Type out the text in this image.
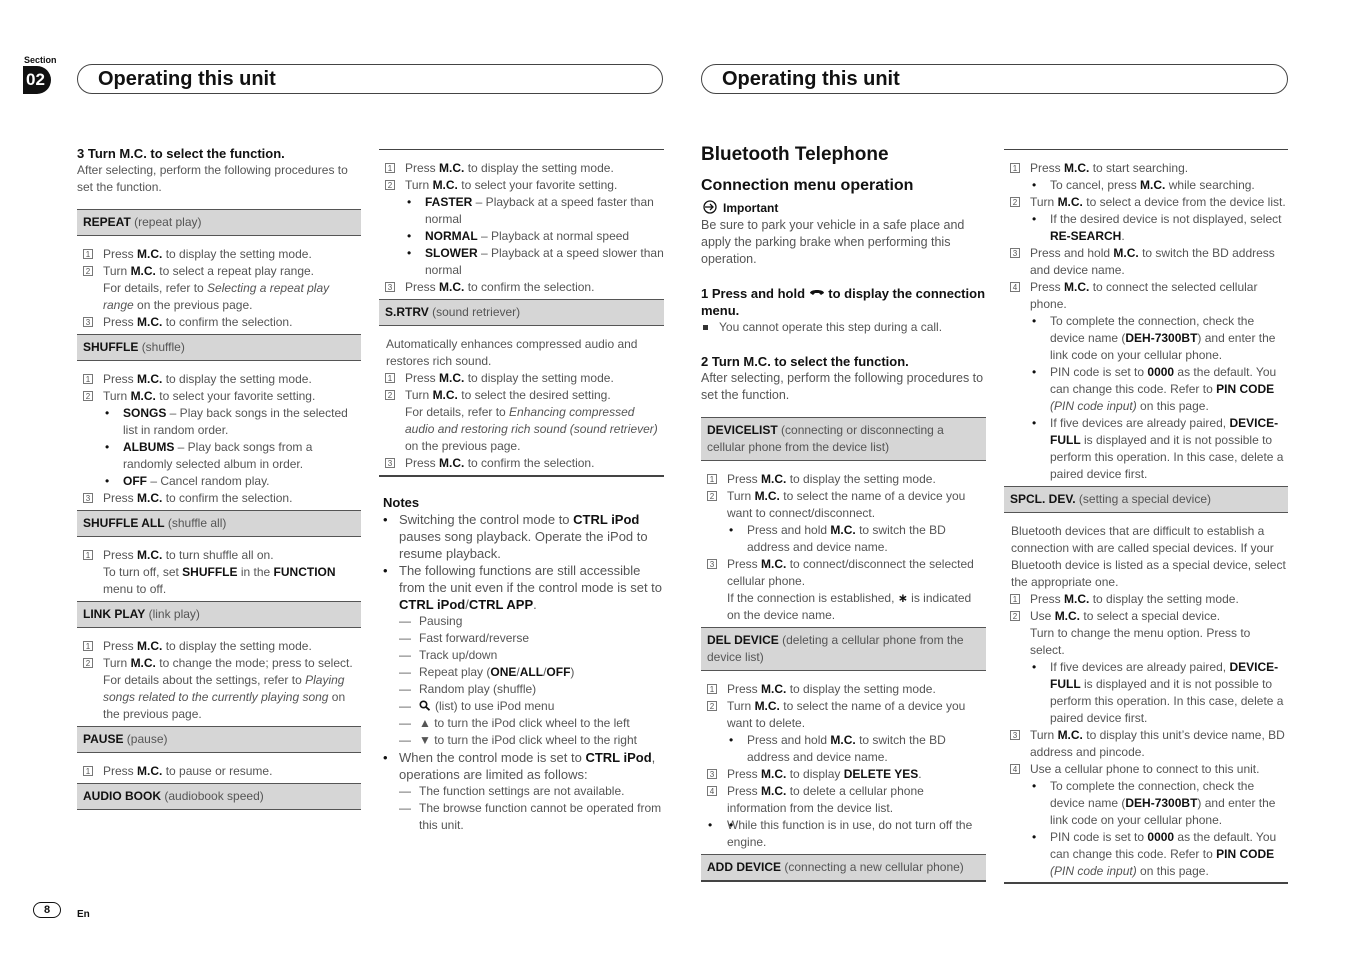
Section
02	Operating this unit	Operating this unit
3 Turn M.C. to select the function.

After selecting, perform the following procedures to set the function.

REPEAT (repeat play)
1 Press M.C. to display the setting mode.
2 Turn M.C. to select a repeat play range.
For details, refer to Selecting a repeat play range on the previous page.
3 Press M.C. to confirm the selection.
SHUFFLE (shuffle)
1 Press M.C. to display the setting mode.
2 Turn M.C. to select your favorite setting.
• SONGS – Play back songs in the selected list in random order.
• ALBUMS – Play back songs from a randomly selected album in order.
• OFF – Cancel random play.
3 Press M.C. to confirm the selection.
SHUFFLE ALL (shuffle all)
1 Press M.C. to turn shuffle all on.
To turn off, set SHUFFLE in the FUNCTION menu to off.
LINK PLAY (link play)
1 Press M.C. to display the setting mode.
2 Turn M.C. to change the mode; press to select.
For details about the settings, refer to Playing songs related to the currently playing song on the previous page.
PAUSE (pause)
1 Press M.C. to pause or resume.
AUDIO BOOK (audiobook speed)
1 Press M.C. to display the setting mode.
2 Turn M.C. to select your favorite setting.
• FASTER – Playback at a speed faster than normal
• NORMAL – Playback at normal speed
• SLOWER – Playback at a speed slower than normal
3 Press M.C. to confirm the selection.
S.RTRV (sound retriever)

Automatically enhances compressed audio and restores rich sound.

1 Press M.C. to display the setting mode.
2 Turn M.C. to select the desired setting.
For details, refer to Enhancing compressed audio and restoring rich sound (sound retriever) on the previous page.
3 Press M.C. to confirm the selection.
Notes
• Switching the control mode to CTRL iPod pauses song playback. Operate the iPod to resume playback.
• The following functions are still accessible from the unit even if the control mode is set to CTRL iPod/CTRL APP.
— Pausing
— Fast forward/reverse
— Track up/down
— Repeat play (ONE/ALL/OFF)
— Random play (shuffle)
— (list) to use iPod menu
— ▲ to turn the iPod click wheel to the left
— ▼ to turn the iPod click wheel to the right
• When the control mode is set to CTRL iPod, operations are limited as follows:
— The function settings are not available.
— The browse function cannot be operated from this unit.
Bluetooth Telephone
Connection menu operation
Important

Be sure to park your vehicle in a safe place and apply the parking brake when performing this operation.

1 Press and hold  to display the connection menu.
You cannot operate this step during a call.
2 Turn M.C. to select the function.

After selecting, perform the following procedures to set the function.

DEVICELIST (connecting or disconnecting a cellular phone from the device list)
1 Press M.C. to display the setting mode.
2 Turn M.C. to select the name of a device you want to connect/disconnect.
• Press and hold M.C. to switch the BD address and device name.
3 Press M.C. to connect/disconnect the selected cellular phone.
If the connection is established, ∗ is indicated on the device name.
DEL DEVICE (deleting a cellular phone from the device list)
1 Press M.C. to display the setting mode.
2 Turn M.C. to select the name of a device you want to delete.
• Press and hold M.C. to switch the BD address and device name.
3 Press M.C. to display DELETE YES.
4 Press M.C. to delete a cellular phone information from the device list.
• • While this function is in use, do not turn off the engine.
ADD DEVICE (connecting a new cellular phone)
1 Press M.C. to start searching.
• To cancel, press M.C. while searching.
2 Turn M.C. to select a device from the device list.
• If the desired device is not displayed, select RE-SEARCH.
3 Press and hold M.C. to switch the BD address and device name.
4 Press M.C. to connect the selected cellular phone.
• To complete the connection, check the device name (DEH-7300BT) and enter the link code on your cellular phone.
• PIN code is set to 0000 as the default. You can change this code. Refer to PIN CODE (PIN code input) on this page.
• If five devices are already paired, DEVICE-FULL is displayed and it is not possible to perform this operation. In this case, delete a paired device first.
SPCL. DEV. (setting a special device)

Bluetooth devices that are difficult to establish a connection with are called special devices. If your Bluetooth device is listed as a special device, select the appropriate one.

1 Press M.C. to display the setting mode.
2 Use M.C. to select a special device.
Turn to change the menu option. Press to select.
• If five devices are already paired, DEVICE-FULL is displayed and it is not possible to perform this operation. In this case, delete a paired device first.
3 Turn M.C. to display this unit’s device name, BD address and pincode.
4 Use a cellular phone to connect to this unit.
• To complete the connection, check the device name (DEH-7300BT) and enter the link code on your cellular phone.
• PIN code is set to 0000 as the default. You can change this code. Refer to PIN CODE (PIN code input) on this page.
8	En
